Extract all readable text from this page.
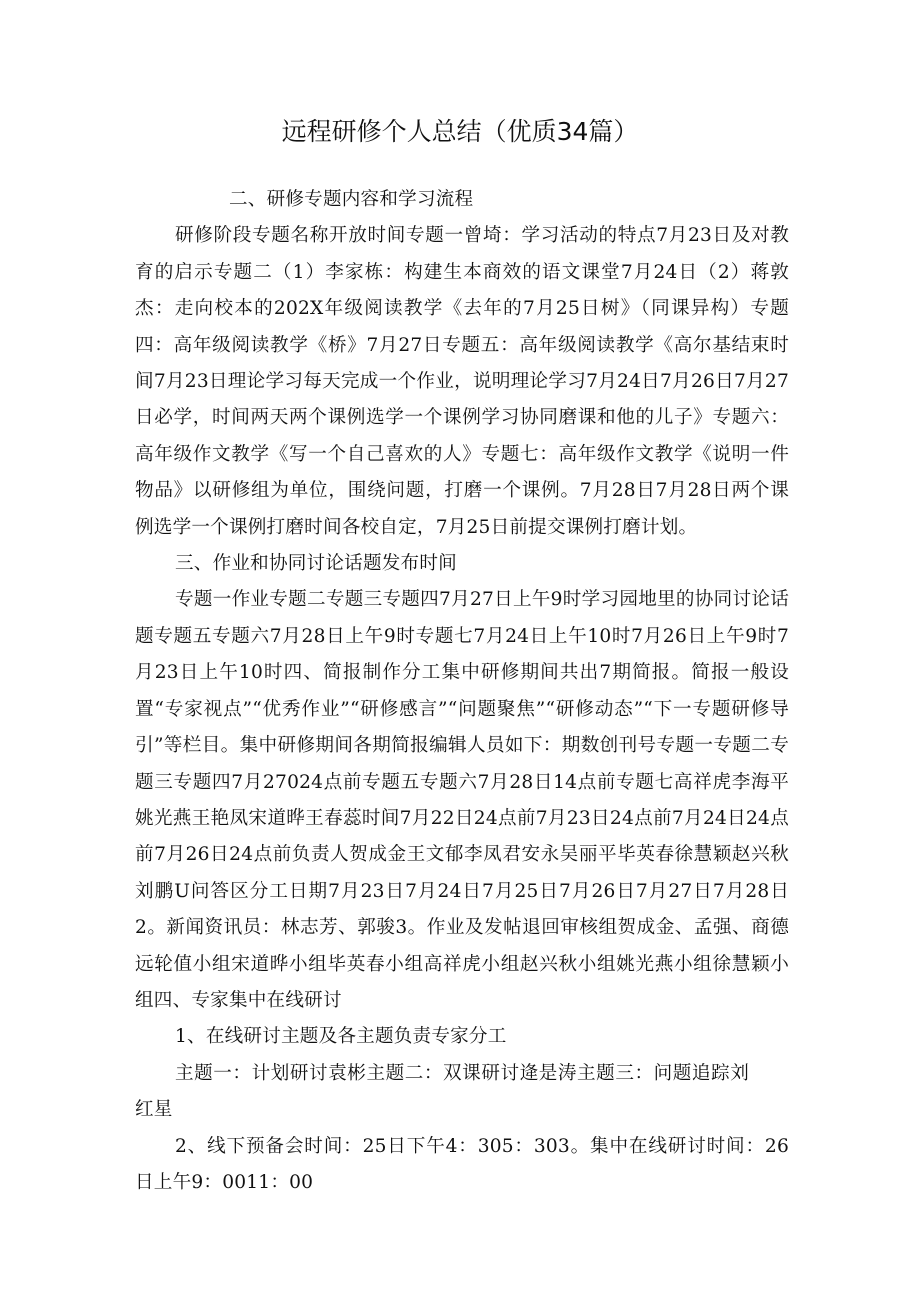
远程研修个人总结（优质34篇）

二、研修专题内容和学习流程

研修阶段专题名称开放时间专题一曾埼：学习活动的特点7月23日及对教育的启示专题二（1）李家栋：构建生本商效的语文课堂7月24日（2）蒋敦杰：走向校本的202X年级阅读教学《去年的7月25日树》（同课异构）专题四：高年级阅读教学《桥》7月27日专题五：高年级阅读教学《高尔基结束时间7月23日理论学习每天完成一个作业，说明理论学习7月24日7月26日7月27日必学，时间两天两个课例选学一个课例学习协同磨课和他的儿子》专题六：高年级作文教学《写一个自己喜欢的人》专题七：高年级作文教学《说明一件物品》以研修组为单位，围绕问题，打磨一个课例。7月28日7月28日两个课例选学一个课例打磨时间各校自定，7月25日前提交课例打磨计划。

三、作业和协同讨论话题发布时间

专题一作业专题二专题三专题四7月27日上午9时学习园地里的协同讨论话题专题五专题六7月28日上午9时专题七7月24日上午10时7月26日上午9时7月23日上午10时四、简报制作分工集中研修期间共出7期简报。简报一般设置“专家视点”“优秀作业”“研修感言”“问题聚焦”“研修动态”“下一专题研修导引”等栏目。集中研修期间各期简报编辑人员如下：期数创刊号专题一专题二专题三专题四7月27024点前专题五专题六7月28日14点前专题七高祥虎李海平姚光燕王艳凤宋道晔王春蕊时间7月22日24点前7月23日24点前7月24日24点前7月26日24点前负责人贺成金王文郁李凤君安永吴丽平毕英春徐慧颖赵兴秋刘鹏U问答区分工日期7月23日7月24日7月25日7月26日7月27日7月28日2。新闻资讯员：林志芳、郭骏3。作业及发帖退回审核组贺成金、孟强、商德远轮值小组宋道晔小组毕英春小组高祥虎小组赵兴秋小组姚光燕小组徐慧颖小组四、专家集中在线研讨

1、在线研讨主题及各主题负责专家分工

主题一：计划研讨袁彬主题二：双课研讨逄是涛主题三：问题追踪刘红星

2、线下预备会时间：25日下午4：305：303。集中在线研讨时间：26日上午9：0011：00
